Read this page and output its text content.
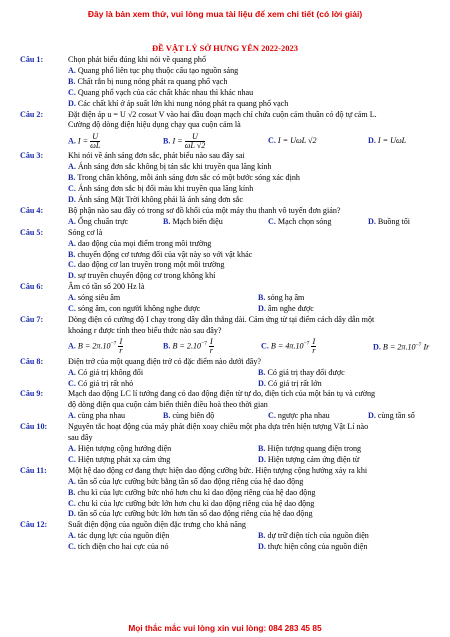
Đây là bản xem thử, vui lòng mua tài liệu để xem chi tiết (có lời giải)
ĐỀ VẬT LÝ SỞ HƯNG YÊN 2022-2023
Câu 1:	Chọn phát biểu đúng khi nói về quang phổ
A. Quang phổ liên tục phụ thuộc cấu tạo nguồn sáng
B. Chất rắn bị nung nóng phát ra quang phổ vạch
C. Quang phổ vạch của các chất khác nhau thì khác nhau
D. Các chất khí ở áp suất lớn khi nung nóng phát ra quang phổ vạch
Câu 2:	Đặt điện áp u = U √2 cosωt V vào hai đầu đoạn mạch chỉ chứa cuộn cảm thuần có độ tự cảm L.
Cường độ dòng điện hiệu dụng chạy qua cuộn cảm là
A. $I = \frac{U}{\omega L}$	B. $I = \frac{U}{\omega L √2}$	C. I = UωL √2	D. I = UωL
Câu 3:	Khi nói về ánh sáng đơn sắc, phát biểu nào sau đây sai
A. Ánh sáng đơn sắc không bị tán sắc khi truyền qua lăng kính
B. Trong chân không, mỗi ánh sáng đơn sắc có một bước sóng xác định
C. Ánh sáng đơn sắc bị đổi màu khi truyền qua lăng kính
D. Ánh sáng Mặt Trời không phải là ánh sáng đơn sắc
Câu 4:	Bộ phận nào sau đây có trong sơ đồ khối của một máy thu thanh vô tuyến đơn giản?
A. Ống chuẩn trực	B. Mạch biến điệu	C. Mạch chọn sóng	D. Buồng tối
Câu 5:	Sóng cơ là
A. dao động của mọi điểm trong môi trường
B. chuyển động cơ tương đối của vật này so với vật khác
C. dao động cơ lan truyền trong một môi trường
D. sự truyền chuyển động cơ trong không khí
Câu 6:	Âm có tần số 200 Hz là
A. sóng siêu âm	B. sóng hạ âm
C. sóng âm, con người không nghe được	D. âm nghe được
Câu 7:	Dòng điện có cường độ I chạy trong dây dẫn thẳng dài. Cảm ứng từ tại điểm cách dây dẫn một
khoảng r được tính theo biểu thức nào sau đây?
A. $B = 2\pi.10^{-7} \frac{I}{r}$	B. $B = 2.10^{-7} \frac{I}{r}$	C. $B = 4\pi.10^{-7} \frac{I}{r}$	D. $B = 2\pi.10^{-7}$ Ir
Câu 8:	Điện trở của một quang điện trở có đặc điểm nào dưới đây?
A. Có giá trị không đổi	B. Có giá trị thay đổi được
C. Có giá trị rất nhỏ	D. Có giá trị rất lớn
Câu 9:	Mạch dao động LC lí tưởng đang có dao động điện từ tự do, điện tích của một bản tụ và cường
độ dòng điện qua cuộn cảm biến thiên điều hoà theo thời gian
A. cùng pha nhau	B. cùng biên độ	C. ngược pha nhau	D. cùng tần số
Câu 10:	Nguyên tắc hoạt động của máy phát điện xoay chiều một pha dựa trên hiện tượng Vật Lí nào
sau đây
A. Hiện tượng cộng hưởng điện	B. Hiện tượng quang điện trong
C. Hiện tượng phát xạ cảm ứng	D. Hiện tượng cảm ứng điện từ
Câu 11:	Một hệ dao động cơ đang thực hiện dao động cưỡng bức. Hiện tượng cộng hưởng xảy ra khi
A. tần số của lực cưỡng bức bằng tần số dao động riêng của hệ dao động
B. chu kì của lực cưỡng bức nhỏ hơn chu kì dao động riêng của hệ dao động
C. chu kì của lực cưỡng bức lớn hơn chu kì dao động riêng của hệ dao động
D. tần số của lực cưỡng bức lớn hơn tần số dao động riêng của hệ dao động
Câu 12:	Suất điện động của nguồn điện đặc trưng cho khả năng
A. tác dụng lực của nguồn điện	B. dự trữ điện tích của nguồn điện
C. tích điện cho hai cực của nó	D. thực hiện công của nguồn điện
Mọi thắc mắc vui lòng xin vui lòng: 084 283 45 85
